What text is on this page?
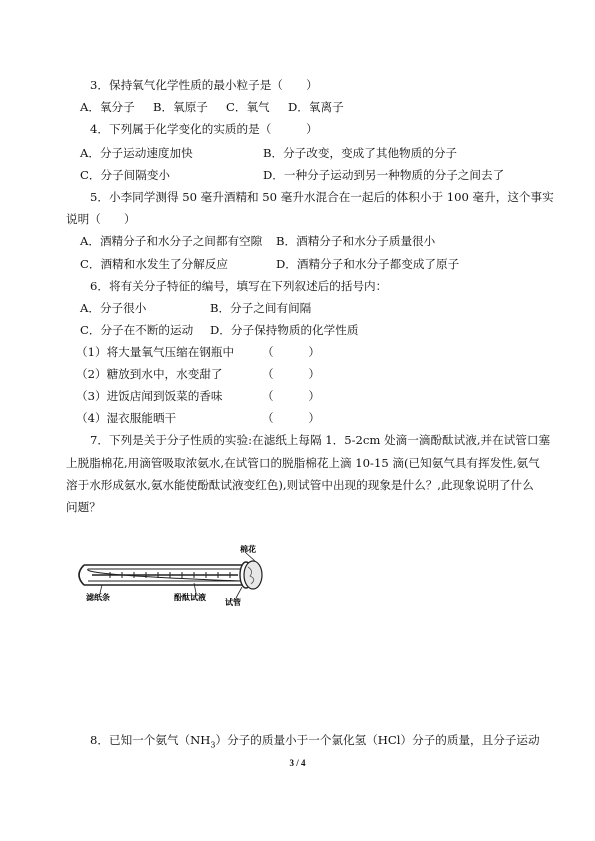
3．保持氧气化学性质的最小粒子是（　　）
A．氧分子 B．氧原子 C．氧气 D．氧离子
4．下列属于化学变化的实质的是（　　　）
A．分子运动速度加快	B．分子改变，变成了其他物质的分子
C．分子间隔变小	D．一种分子运动到另一种物质的分子之间去了
5．小李同学测得 50 毫升酒精和 50 毫升水混合在一起后的体积小于 100 毫升，这个事实
说明（　　）
A．酒精分子和水分子之间都有空隙 B．酒精分子和水分子质量很小
C．酒精和水发生了分解反应	D．酒精分子和水分子都变成了原子
6．将有关分子特征的编号，填写在下列叙述后的括号内：
A．分子很小	B．分子之间有间隔
C．分子在不断的运动 D．分子保持物质的化学性质
（1）将大量氧气压缩在钢瓶中 （　　　）
（2）糖放到水中，水变甜了	（　　　）
（3）进饭店闻到饭菜的香味	（　　　）
（4）湿衣服能晒干	（　　　）
7．下列是关于分子性质的实验:在滤纸上每隔 1．5-2cm 处滴一滴酚酞试液,并在试管口塞
上脱脂棉花,用滴管吸取浓氨水,在试管口的脱脂棉花上滴 10-15 滴(已知氨气具有挥发性,氨气
溶于水形成氨水,氨水能使酚酞试液变红色),则试管中出现的现象是什么？,此现象说明了什么
问题？
棉花
滤纸条	酚酞试液
试管
8．已知一个氨气$(NH_3)$分子的质量小于一个氯化氢（HCl）分子的质量，且分子运动
3 / 4
